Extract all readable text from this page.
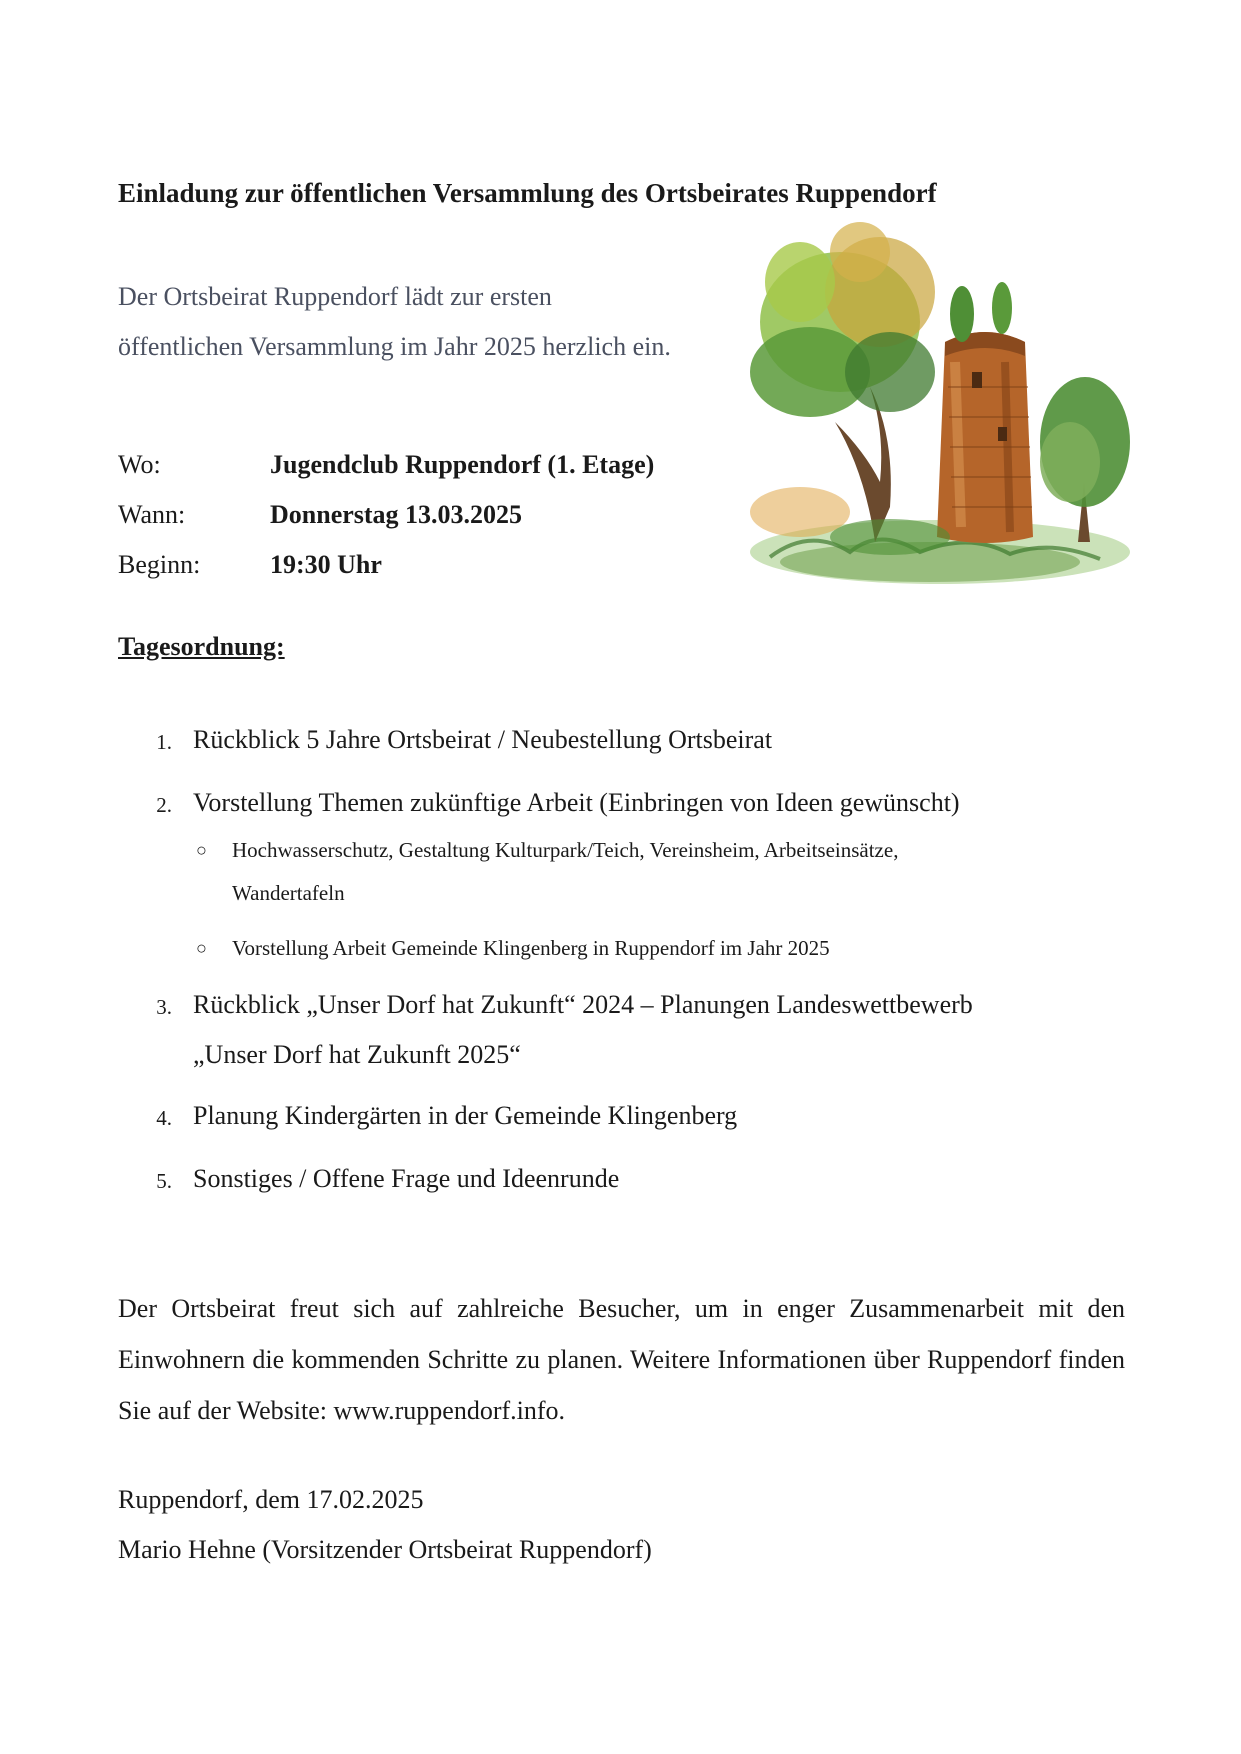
Einladung zur öffentlichen Versammlung des Ortsbeirates Ruppendorf
Der Ortsbeirat Ruppendorf lädt zur ersten
öffentlichen Versammlung im Jahr 2025 herzlich ein.
Wo:	Jugendclub Ruppendorf (1. Etage)
Wann:	Donnerstag 13.03.2025
Beginn:	19:30 Uhr
Tagesordnung:
1. Rückblick 5 Jahre Ortsbeirat / Neubestellung Ortsbeirat
2. Vorstellung Themen zukünftige Arbeit (Einbringen von Ideen gewünscht)
○ Hochwasserschutz, Gestaltung Kulturpark/Teich, Vereinsheim, Arbeitseinsätze,
Wandertafeln
○ Vorstellung Arbeit Gemeinde Klingenberg in Ruppendorf im Jahr 2025
3. Rückblick „Unser Dorf hat Zukunft“ 2024 – Planungen Landeswettbewerb
„Unser Dorf hat Zukunft 2025“
4. Planung Kindergärten in der Gemeinde Klingenberg
5. Sonstiges / Offene Frage und Ideenrunde
Der Ortsbeirat freut sich auf zahlreiche Besucher, um in enger Zusammenarbeit mit den Einwohnern die kommenden Schritte zu planen. Weitere Informationen über Ruppendorf finden Sie auf der Website: www.ruppendorf.info.
Ruppendorf, dem 17.02.2025
Mario Hehne (Vorsitzender Ortsbeirat Ruppendorf)
